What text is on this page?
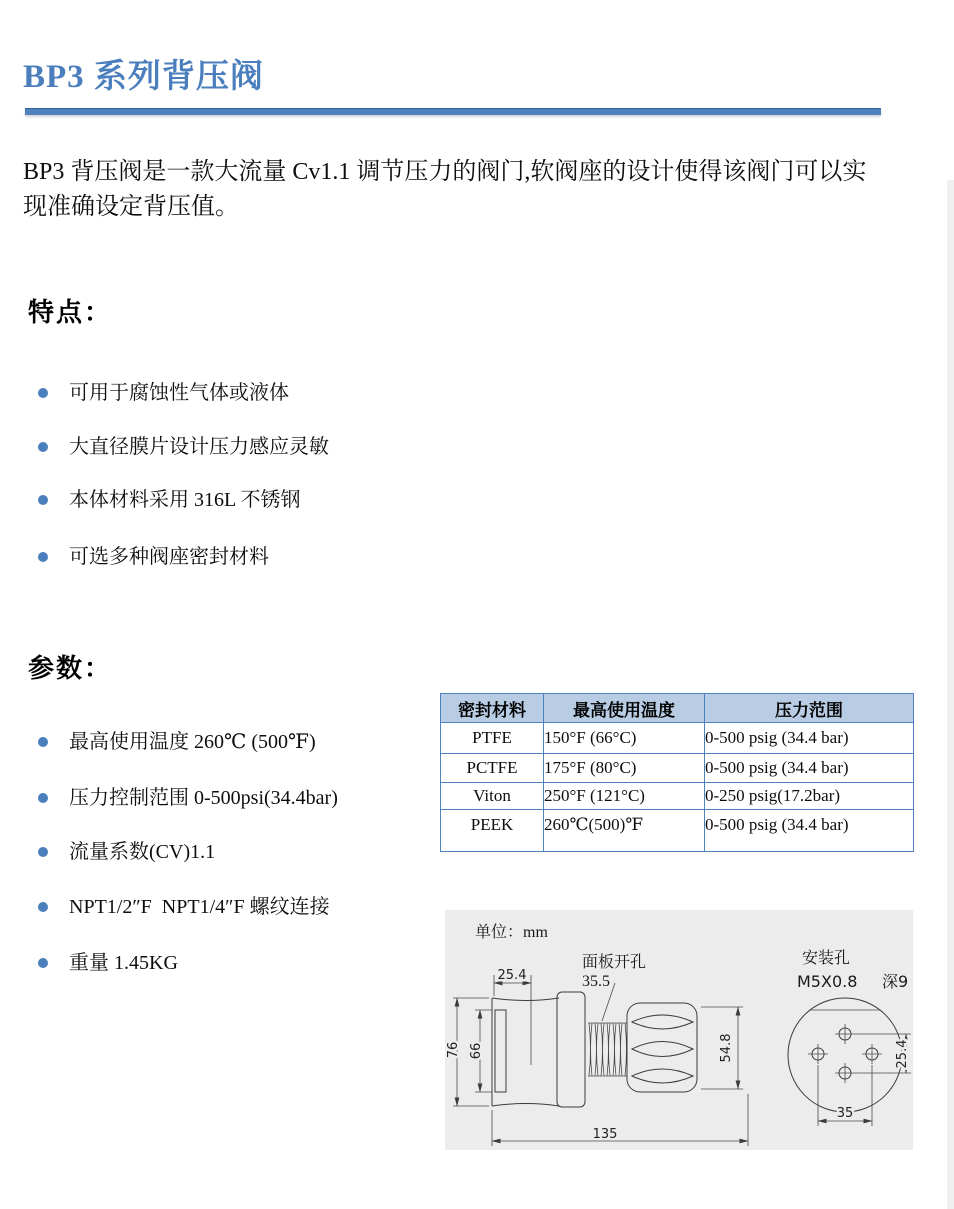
BP3 系列背压阀
BP3 背压阀是一款大流量 Cv1.1 调节压力的阀门,软阀座的设计使得该阀门可以实现准确设定背压值。
特点：
可用于腐蚀性气体或液体
大直径膜片设计压力感应灵敏
本体材料采用 316L 不锈钢
可选多种阀座密封材料
参数：
最高使用温度 260℃ (500℉)
压力控制范围 0-500psi(34.4bar)
流量系数(CV)1.1
NPT1/2″F  NPT1/4″F 螺纹连接
重量 1.45KG
密封材料	最高使用温度	压力范围
PTFE	150°F (66°C)	0-500 psig (34.4 bar)
PCTFE	175°F (80°C)	0-500 psig (34.4 bar)
Viton	250°F (121°C)	0-250 psig(17.2bar)
PEEK	260℃(500)℉	0-500 psig (34.4 bar)
单位：mm
25.4
76 66	54.8
135
面板开孔
35.5
安装孔
M5X0.8 深9
25.4
35
